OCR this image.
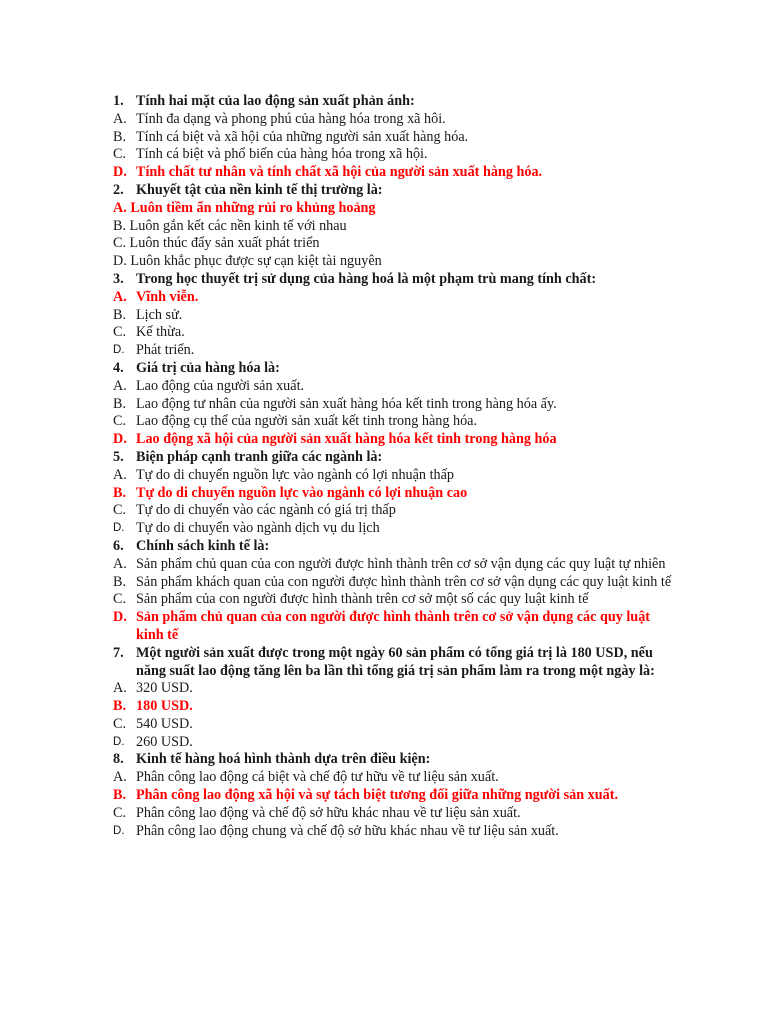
1. Tính hai mặt của lao động sản xuất phản ánh:
A. Tính đa dạng và phong phú của hàng hóa trong xã hôi.
B. Tính cá biệt và xã hội của những người sản xuất hàng hóa.
C. Tính cá biệt và phổ biến của hàng hóa trong xã hội.
D. Tính chất tư nhân và tính chất xã hội của người sản xuất hàng hóa.
2. Khuyết tật của nền kinh tế thị trường là:
A. Luôn tiềm ẩn những rủi ro khủng hoảng
B. Luôn gắn kết các nền kinh tế với nhau
C. Luôn thúc đẩy sản xuất phát triển
D. Luôn khắc phục được sự cạn kiệt tài nguyên
3. Trong học thuyết trị sử dụng của hàng hoá là một phạm trù mang tính chất:
A. Vĩnh viễn.
B. Lịch sử.
C. Kế thừa.
D. Phát triển.
4. Giá trị của hàng hóa là:
A. Lao động của người sản xuất.
B. Lao động tư nhân của người sản xuất hàng hóa kết tinh trong hàng hóa ấy.
C. Lao động cụ thể của người sản xuất kết tinh trong hàng hóa.
D. Lao động xã hội của người sản xuất hàng hóa kết tinh trong hàng hóa
5. Biện pháp cạnh tranh giữa các ngành là:
A. Tự do di chuyển nguồn lực vào ngành có lợi nhuận thấp
B. Tự do di chuyển nguồn lực vào ngành có lợi nhuận cao
C. Tự do di chuyển vào các ngành có giá trị thấp
D. Tự do di chuyển vào ngành dịch vụ du lịch
6. Chính sách kinh tế là:
A. Sản phẩm chủ quan của con người được hình thành trên cơ sở vận dụng các quy luật tự nhiên
B. Sản phẩm khách quan của con người được hình thành trên cơ sở vận dụng các quy luật kinh tế
C. Sản phẩm của con người được hình thành trên cơ sở một số các quy luật kinh tế
D. Sản phẩm chủ quan của con người được hình thành trên cơ sở vận dụng các quy luật kinh tế
7. Một người sản xuất được trong một ngày 60 sản phẩm có tổng giá trị là 180 USD, nếu năng suất lao động tăng lên ba lần thì tổng giá trị sản phẩm làm ra trong một ngày là:
A. 320 USD.
B. 180 USD.
C. 540 USD.
D. 260 USD.
8. Kinh tế hàng hoá hình thành dựa trên điều kiện:
A. Phân công lao động cá biệt và chế độ tư hữu về tư liệu sản xuất.
B. Phân công lao động xã hội và sự tách biệt tương đối giữa những người sản xuất.
C. Phân công lao động và chế độ sở hữu khác nhau về tư liệu sản xuất.
D. Phân công lao động chung và chế độ sở hữu khác nhau về tư liệu sản xuất.
